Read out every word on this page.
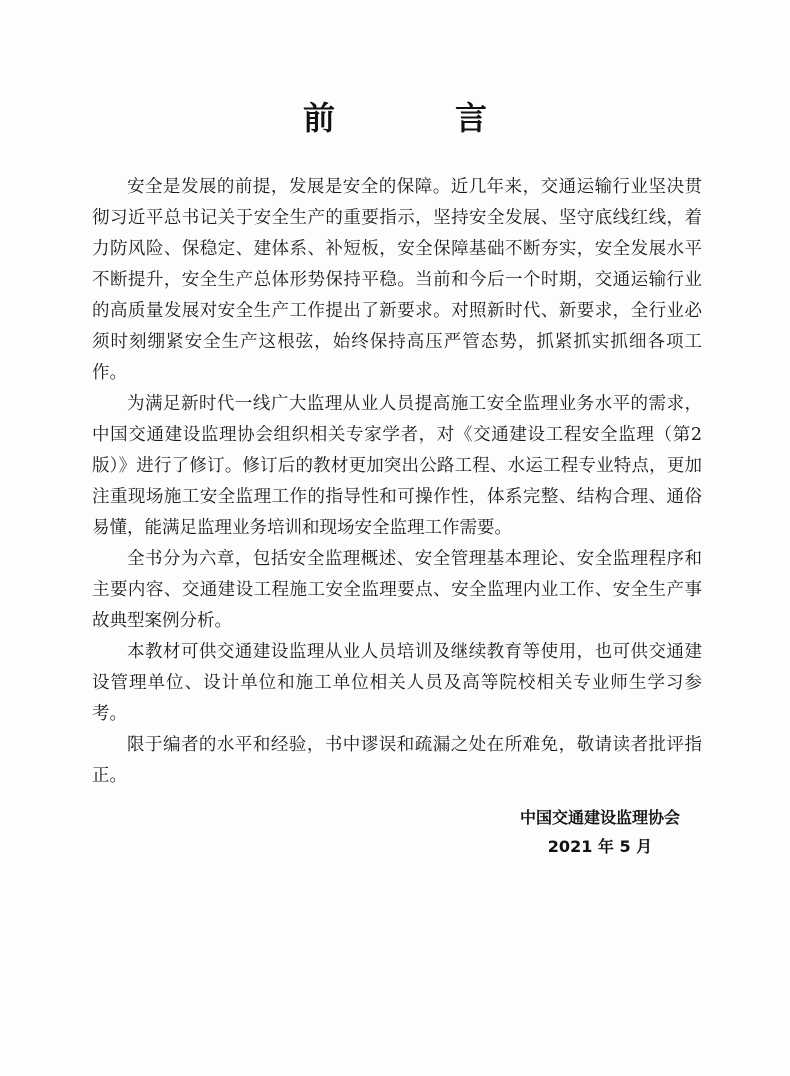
前　言

安全是发展的前提，发展是安全的保障。近几年来，交通运输行业坚决贯彻习近平总书记关于安全生产的重要指示，坚持安全发展、坚守底线红线，着力防风险、保稳定、建体系、补短板，安全保障基础不断夯实，安全发展水平不断提升，安全生产总体形势保持平稳。当前和今后一个时期，交通运输行业的高质量发展对安全生产工作提出了新要求。对照新时代、新要求，全行业必须时刻绷紧安全生产这根弦，始终保持高压严管态势，抓紧抓实抓细各项工作。

为满足新时代一线广大监理从业人员提高施工安全监理业务水平的需求，中国交通建设监理协会组织相关专家学者，对《交通建设工程安全监理（第2版）》进行了修订。修订后的教材更加突出公路工程、水运工程专业特点，更加注重现场施工安全监理工作的指导性和可操作性，体系完整、结构合理、通俗易懂，能满足监理业务培训和现场安全监理工作需要。

全书分为六章，包括安全监理概述、安全管理基本理论、安全监理程序和主要内容、交通建设工程施工安全监理要点、安全监理内业工作、安全生产事故典型案例分析。

本教材可供交通建设监理从业人员培训及继续教育等使用，也可供交通建设管理单位、设计单位和施工单位相关人员及高等院校相关专业师生学习参考。

限于编者的水平和经验，书中谬误和疏漏之处在所难免，敬请读者批评指正。

中国交通建设监理协会
2021 年 5 月
